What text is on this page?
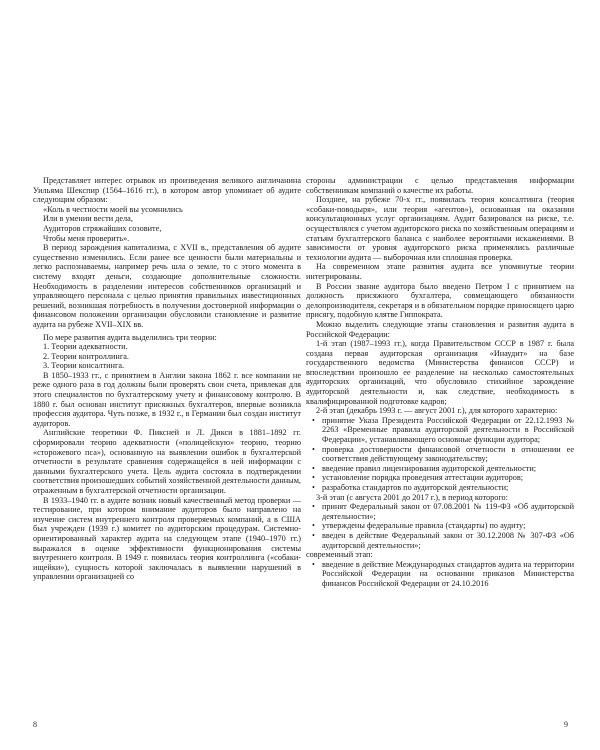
Представляет интерес отрывок из произведения великого англичанина Уильяма Шекспир (1564–1616 гг.), в котором автор упоминает об аудите следующим образом:

«Коль в честности моей вы усомнились
Или в умении вести дела,
Аудиторов стряжайших созовите,
Чтобы меня проверить».

В период зарождения капитализма, с XVII в., представления об аудите существенно изменились. Если ранее все ценности были материальны и легко распознаваемы, например речь шла о земле, то с этого момента в систему входят деньги, создающие дополнительные сложности. Необходимость в разделении интересов собственников организаций и управляющего персонала с целью принятия правильных инвестиционных решений, возникшая потребность в получении достоверной информации о финансовом положении организации обусловили становление и развитие аудита на рубеже XVII–XIX вв.

По мере развития аудита выделились три теории:

1. Теории адекватности.
2. Теории контроллинга.
3. Теории консалтинга.

В 1850–1933 гг., с принятием в Англии закона 1862 г. все компании не реже одного раза в год должны были проверять свои счета, привлекая для этого специалистов по бухгалтерскому учету и финансовому контролю. В 1880 г. был основан институт присяжных бухгалтеров, впервые возникла профессия аудитора. Чуть позже, в 1932 г., в Германии был создан институт аудиторов.

Английские теоретики Ф. Пиксней и Л. Дикси в 1881–1892 гг. сформировали теорию адекватности («полицейскую» теорию, теорию «сторожевого пса»), основанную на выявлении ошибок в бухгалтерской отчетности в результате сравнения содержащейся в ней информации с данными бухгалтерского учета. Цель аудита состояла в подтверждении соответствия произошедших событий хозяйственной деятельности данным, отраженным в бухгалтерской отчетности организации.

В 1933–1940 гг. в аудите возник новый качественный метод проверки — тестирование, при котором внимание аудиторов было направлено на изучение систем внутреннего контроля проверяемых компаний, а в США был учрежден (1939 г.) комитет по аудиторским процедурам. Системно-ориентированный характер аудита на следующем этапе (1940–1970 гг.) выражался в оценке эффективности функционирования системы внутреннего контроля. В 1949 г. появилась теория контроллинга («собаки-ищейки»), сущность которой заключалась в выявлении нарушений в управлении организацией со

стороны администрации с целью представления информации собственникам компаний о качестве их работы.

Позднее, на рубеже 70-х гг., появилась теория консалтинга (теория «собаки-поводыря», или теория «агентов»), основанная на оказании консультационных услуг организациям. Аудит базировался на риске, т.е. осуществлялся с учетом аудиторского риска по хозяйственным операциям и статьям бухгалтерского баланса с наиболее вероятными искажениями. В зависимости от уровня аудиторского риска применялись различные технологии аудита — выборочная или сплошная проверка.

На современном этапе развития аудита все упомянутые теории интегрированы.

В России звание аудитора было введено Петром I с принятием на должность присяжного бухгалтера, совмещающего обязанности делопроизводителя, секретаря и в обязательном порядке приносящего царю присягу, подобную клятве Гиппократа.

Можно выделить следующие этапы становления и развития аудита в Российской Федерации:

1-й этап (1987–1993 гг.), когда Правительством СССР в 1987 г. была создана первая аудиторская организация «Инаудит» на базе государственного ведомства (Министерства финансов СССР) и впоследствии произошло ее разделение на несколько самостоятельных аудиторских организаций, что обусловило стихийное зарождение аудиторской деятельности и, как следствие, необходимость в квалифицированной подготовке кадров;

2-й этап (декабрь 1993 г. — август 2001 г.), для которого характерно:

• принятие Указа Президента Российской Федерации от 22.12.1993 № 2263 «Временные правила аудиторской деятельности в Российской Федерации», устанавливающего основные функции аудитора;

• проверка достоверности финансовой отчетности в отношении ее соответствия действующему законодательству;

• введение правил лицензирования аудиторской деятельности;

• установление порядка проведения аттестации аудиторов;

• разработка стандартов по аудиторской деятельности;

3-й этап (с августа 2001 до 2017 г.), в период которого:

• принят Федеральный закон от 07.08.2001 № 119-ФЗ «Об аудиторской деятельности»;

• утверждены федеральные правила (стандарты) по аудиту;

• введен в действие Федеральный закон от 30.12.2008 № 307-ФЗ «Об аудиторской деятельности»;

современный этап:

• введение в действие Международных стандартов аудита на территории Российской Федерации на основании приказов Министерства финансов Российской Федерации от 24.10.2016

8	9
